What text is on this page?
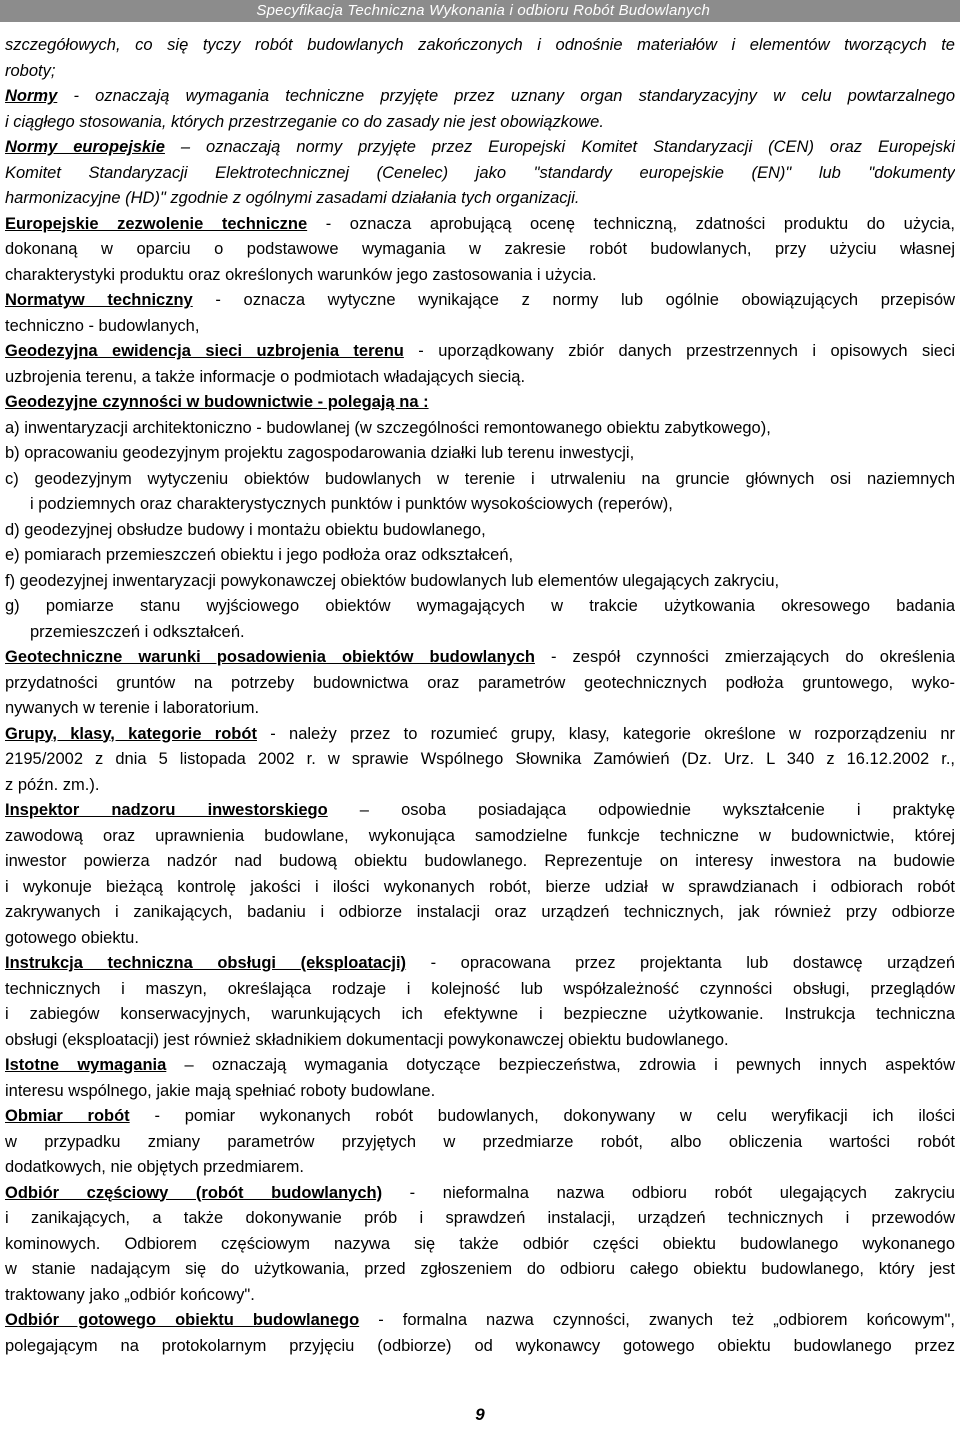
Specyfikacja Techniczna Wykonania i odbioru Robót Budowlanych
szczegółowych, co się tyczy robót budowlanych zakończonych i odnośnie materiałów i elementów tworzących te
roboty;
Normy - oznaczają wymagania techniczne przyjęte przez uznany organ standaryzacyjny w celu powtarzalnego
i ciągłego stosowania, których przestrzeganie co do zasady nie jest obowiązkowe.
Normy europejskie – oznaczają normy przyjęte przez Europejski Komitet Standaryzacji (CEN) oraz Europejski
Komitet Standaryzacji Elektrotechnicznej (Cenelec) jako "standardy europejskie (EN)" lub "dokumenty
harmonizacyjne (HD)" zgodnie z ogólnymi zasadami działania tych organizacji.
Europejskie zezwolenie techniczne - oznacza aprobującą ocenę techniczną, zdatności produktu do użycia,
dokonaną w oparciu o podstawowe wymagania w zakresie robót budowlanych, przy użyciu własnej
charakterystyki produktu oraz określonych warunków jego zastosowania i użycia.
Normatyw techniczny - oznacza wytyczne wynikające z normy lub ogólnie obowiązujących przepisów
techniczno - budowlanych,
Geodezyjna ewidencja sieci uzbrojenia terenu - uporządkowany zbiór danych przestrzennych i opisowych sieci
uzbrojenia terenu, a także informacje o podmiotach władających siecią.
Geodezyjne czynności w budownictwie - polegają na :
a) inwentaryzacji architektoniczno - budowlanej (w szczególności remontowanego obiektu zabytkowego),
b) opracowaniu geodezyjnym projektu zagospodarowania działki lub terenu inwestycji,
c) geodezyjnym wytyczeniu obiektów budowlanych w terenie i utrwaleniu na gruncie głównych osi naziemnych
i podziemnych oraz charakterystycznych punktów i punktów wysokościowych (reperów),
d) geodezyjnej obsłudze budowy i montażu obiektu budowlanego,
e) pomiarach przemieszczeń obiektu i jego podłoża oraz odkształceń,
f) geodezyjnej inwentaryzacji powykonawczej obiektów budowlanych lub elementów ulegających zakryciu,
g) pomiarze stanu wyjściowego obiektów wymagających w trakcie użytkowania okresowego badania
przemieszczeń i odkształceń.
Geotechniczne warunki posadowienia obiektów budowlanych - zespół czynności zmierzających do określenia
przydatności gruntów na potrzeby budownictwa oraz parametrów geotechnicznych podłoża gruntowego, wyko-
nywanych w terenie i laboratorium.
Grupy, klasy, kategorie robót - należy przez to rozumieć grupy, klasy, kategorie określone w rozporządzeniu nr
2195/2002 z dnia 5 listopada 2002 r. w sprawie Wspólnego Słownika Zamówień (Dz. Urz. L 340 z 16.12.2002 r.,
z późn. zm.).
Inspektor nadzoru inwestorskiego – osoba posiadająca odpowiednie wykształcenie i praktykę
zawodową oraz uprawnienia budowlane, wykonująca samodzielne funkcje techniczne w budownictwie, której
inwestor powierza nadzór nad budową obiektu budowlanego. Reprezentuje on interesy inwestora na budowie
i wykonuje bieżącą kontrolę jakości i ilości wykonanych robót, bierze udział w sprawdzianach i odbiorach robót
zakrywanych i zanikających, badaniu i odbiorze instalacji oraz urządzeń technicznych, jak również przy odbiorze
gotowego obiektu.
Instrukcja techniczna obsługi (eksploatacji) - opracowana przez projektanta lub dostawcę urządzeń
technicznych i maszyn, określająca rodzaje i kolejność lub współzależność czynności obsługi, przeglądów
i zabiegów konserwacyjnych, warunkujących ich efektywne i bezpieczne użytkowanie. Instrukcja techniczna
obsługi (eksploatacji) jest również składnikiem dokumentacji powykonawczej obiektu budowlanego.
Istotne wymagania – oznaczają wymagania dotyczące bezpieczeństwa, zdrowia i pewnych innych aspektów
interesu wspólnego, jakie mają spełniać roboty budowlane.
Obmiar robót - pomiar wykonanych robót budowlanych, dokonywany w celu weryfikacji ich ilości
w przypadku zmiany parametrów przyjętych w przedmiarze robót, albo obliczenia wartości robót
dodatkowych, nie objętych przedmiarem.
Odbiór częściowy (robót budowlanych) - nieformalna nazwa odbioru robót ulegających zakryciu
i zanikających, a także dokonywanie prób i sprawdzeń instalacji, urządzeń technicznych i przewodów
kominowych. Odbiorem częściowym nazywa się także odbiór części obiektu budowlanego wykonanego
w stanie nadającym się do użytkowania, przed zgłoszeniem do odbioru całego obiektu budowlanego, który jest
traktowany jako „odbiór końcowy".
Odbiór gotowego obiektu budowlanego - formalna nazwa czynności, zwanych też „odbiorem końcowym",
polegającym na protokolarnym przyjęciu (odbiorze) od wykonawcy gotowego obiektu budowlanego przez
9
